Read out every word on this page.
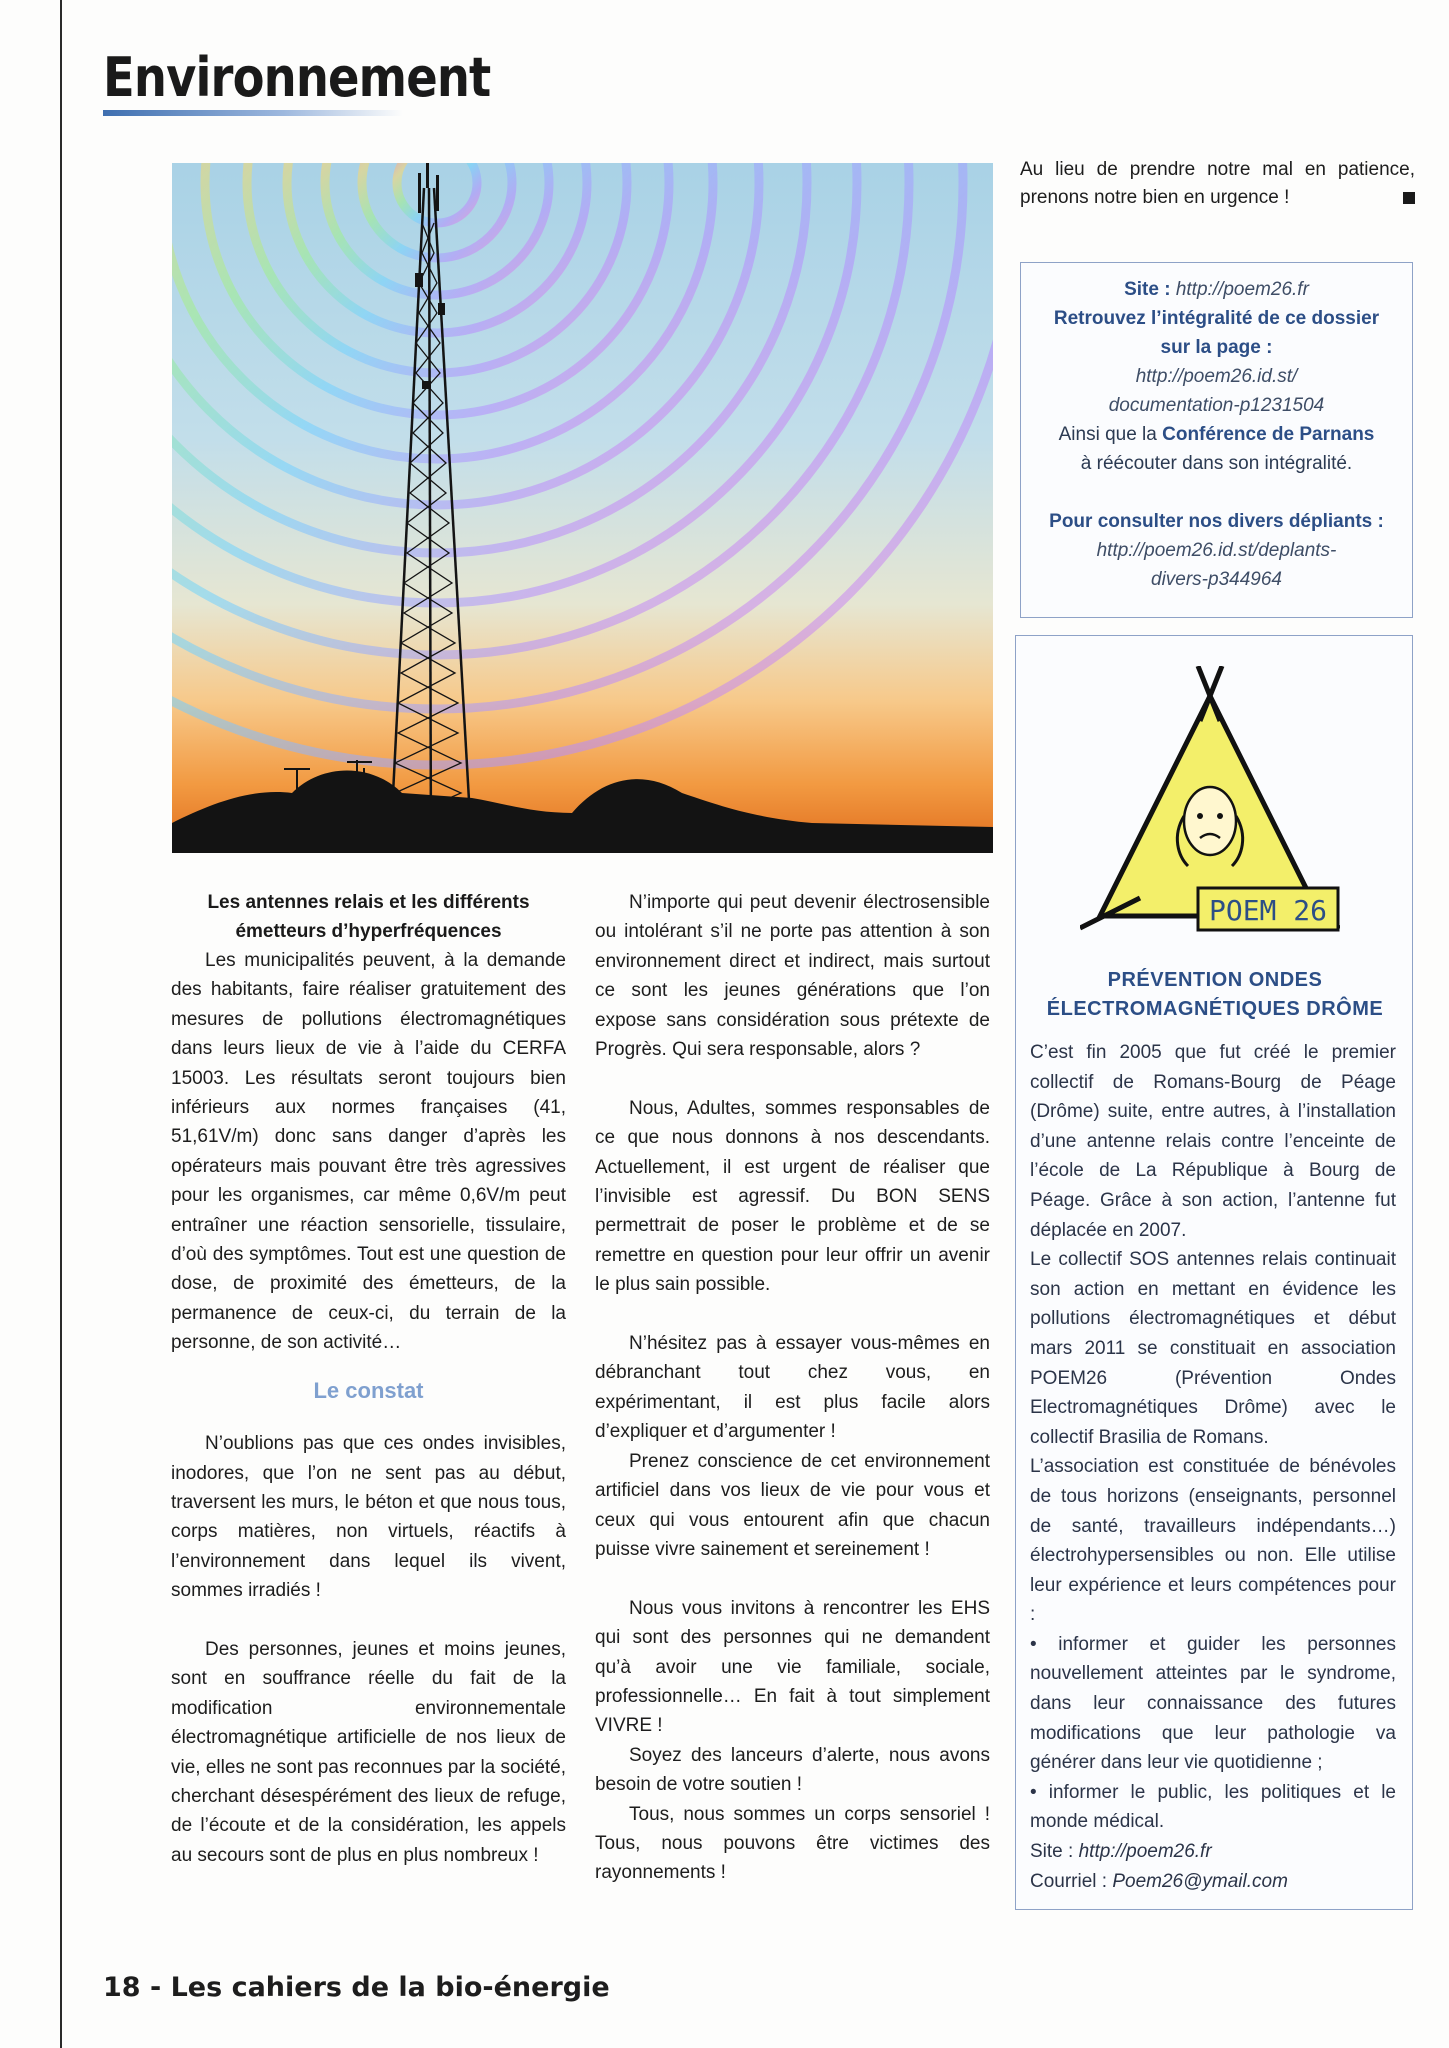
Environnement

Au lieu de prendre notre mal en patience, prenons notre bien en urgence !

Site : http://poem26.fr

Retrouvez l’intégralité de ce dossier

sur la page :

http://poem26.id.st/

documentation-p1231504

Ainsi que la Conférence de Parnans

à réécouter dans son intégralité.

Pour consulter nos divers dépliants :

http://poem26.id.st/deplants-

divers-p344964

POEM 26
PRÉVENTION ONDES
ÉLECTROMAGNÉTIQUES DRÔME

C’est fin 2005 que fut créé le premier collectif de Romans-Bourg de Péage (Drôme) suite, entre autres, à l’installation d’une antenne relais contre l’enceinte de l’école de La République à Bourg de Péage. Grâce à son action, l’antenne fut déplacée en 2007.

Le collectif SOS antennes relais continuait son action en mettant en évidence les pollutions électromagnétiques et début mars 2011 se constituait en association POEM26 (Prévention Ondes Electromagnétiques Drôme) avec le collectif Brasilia de Romans.

L’association est constituée de bénévoles de tous horizons (enseignants, personnel de santé, travailleurs indépendants…) électrohypersensibles ou non. Elle utilise leur expérience et leurs compétences pour :

• informer et guider les personnes nouvellement atteintes par le syndrome, dans leur connaissance des futures modifications que leur pathologie va générer dans leur vie quotidienne ;

• informer le public, les politiques et le monde médical.

Site : http://poem26.fr

Courriel : Poem26@ymail.com

Les antennes relais et les différents émetteurs d’hyperfréquences

Les municipalités peuvent, à la demande des habitants, faire réaliser gratuitement des mesures de pollutions électromagnétiques dans leurs lieux de vie à l’aide du CERFA 15003. Les résultats seront toujours bien inférieurs aux normes françaises (41, 51,61V/m) donc sans danger d’après les opérateurs mais pouvant être très agressives pour les organismes, car même 0,6V/m peut entraîner une réaction sensorielle, tissulaire, d’où des symptômes. Tout est une question de dose, de proximité des émetteurs, de la permanence de ceux-ci, du terrain de la personne, de son activité…

Le constat

N’oublions pas que ces ondes invisibles, inodores, que l’on ne sent pas au début, traversent les murs, le béton et que nous tous, corps matières, non virtuels, réactifs à l’environnement dans lequel ils vivent, sommes irradiés !

Des personnes, jeunes et moins jeunes, sont en souffrance réelle du fait de la modification environnementale électromagnétique artificielle de nos lieux de vie, elles ne sont pas reconnues par la société, cherchant désespérément des lieux de refuge, de l’écoute et de la considération, les appels au secours sont de plus en plus nombreux !

N’importe qui peut devenir électrosensible ou intolérant s’il ne porte pas attention à son environnement direct et indirect, mais surtout ce sont les jeunes générations que l’on expose sans considération sous prétexte de Progrès. Qui sera responsable, alors ?

Nous, Adultes, sommes responsables de ce que nous donnons à nos descendants. Actuellement, il est urgent de réaliser que l’invisible est agressif. Du BON SENS permettrait de poser le problème et de se remettre en question pour leur offrir un avenir le plus sain possible.

N’hésitez pas à essayer vous-mêmes en débranchant tout chez vous, en expérimentant, il est plus facile alors d’expliquer et d’argumenter !

Prenez conscience de cet environnement artificiel dans vos lieux de vie pour vous et ceux qui vous entourent afin que chacun puisse vivre sainement et sereinement !

Nous vous invitons à rencontrer les EHS qui sont des personnes qui ne demandent qu’à avoir une vie familiale, sociale, professionnelle… En fait à tout simplement VIVRE !

Soyez des lanceurs d’alerte, nous avons besoin de votre soutien !

Tous, nous sommes un corps sensoriel ! Tous, nous pouvons être victimes des rayonnements !

18 - Les cahiers de la bio-énergie
